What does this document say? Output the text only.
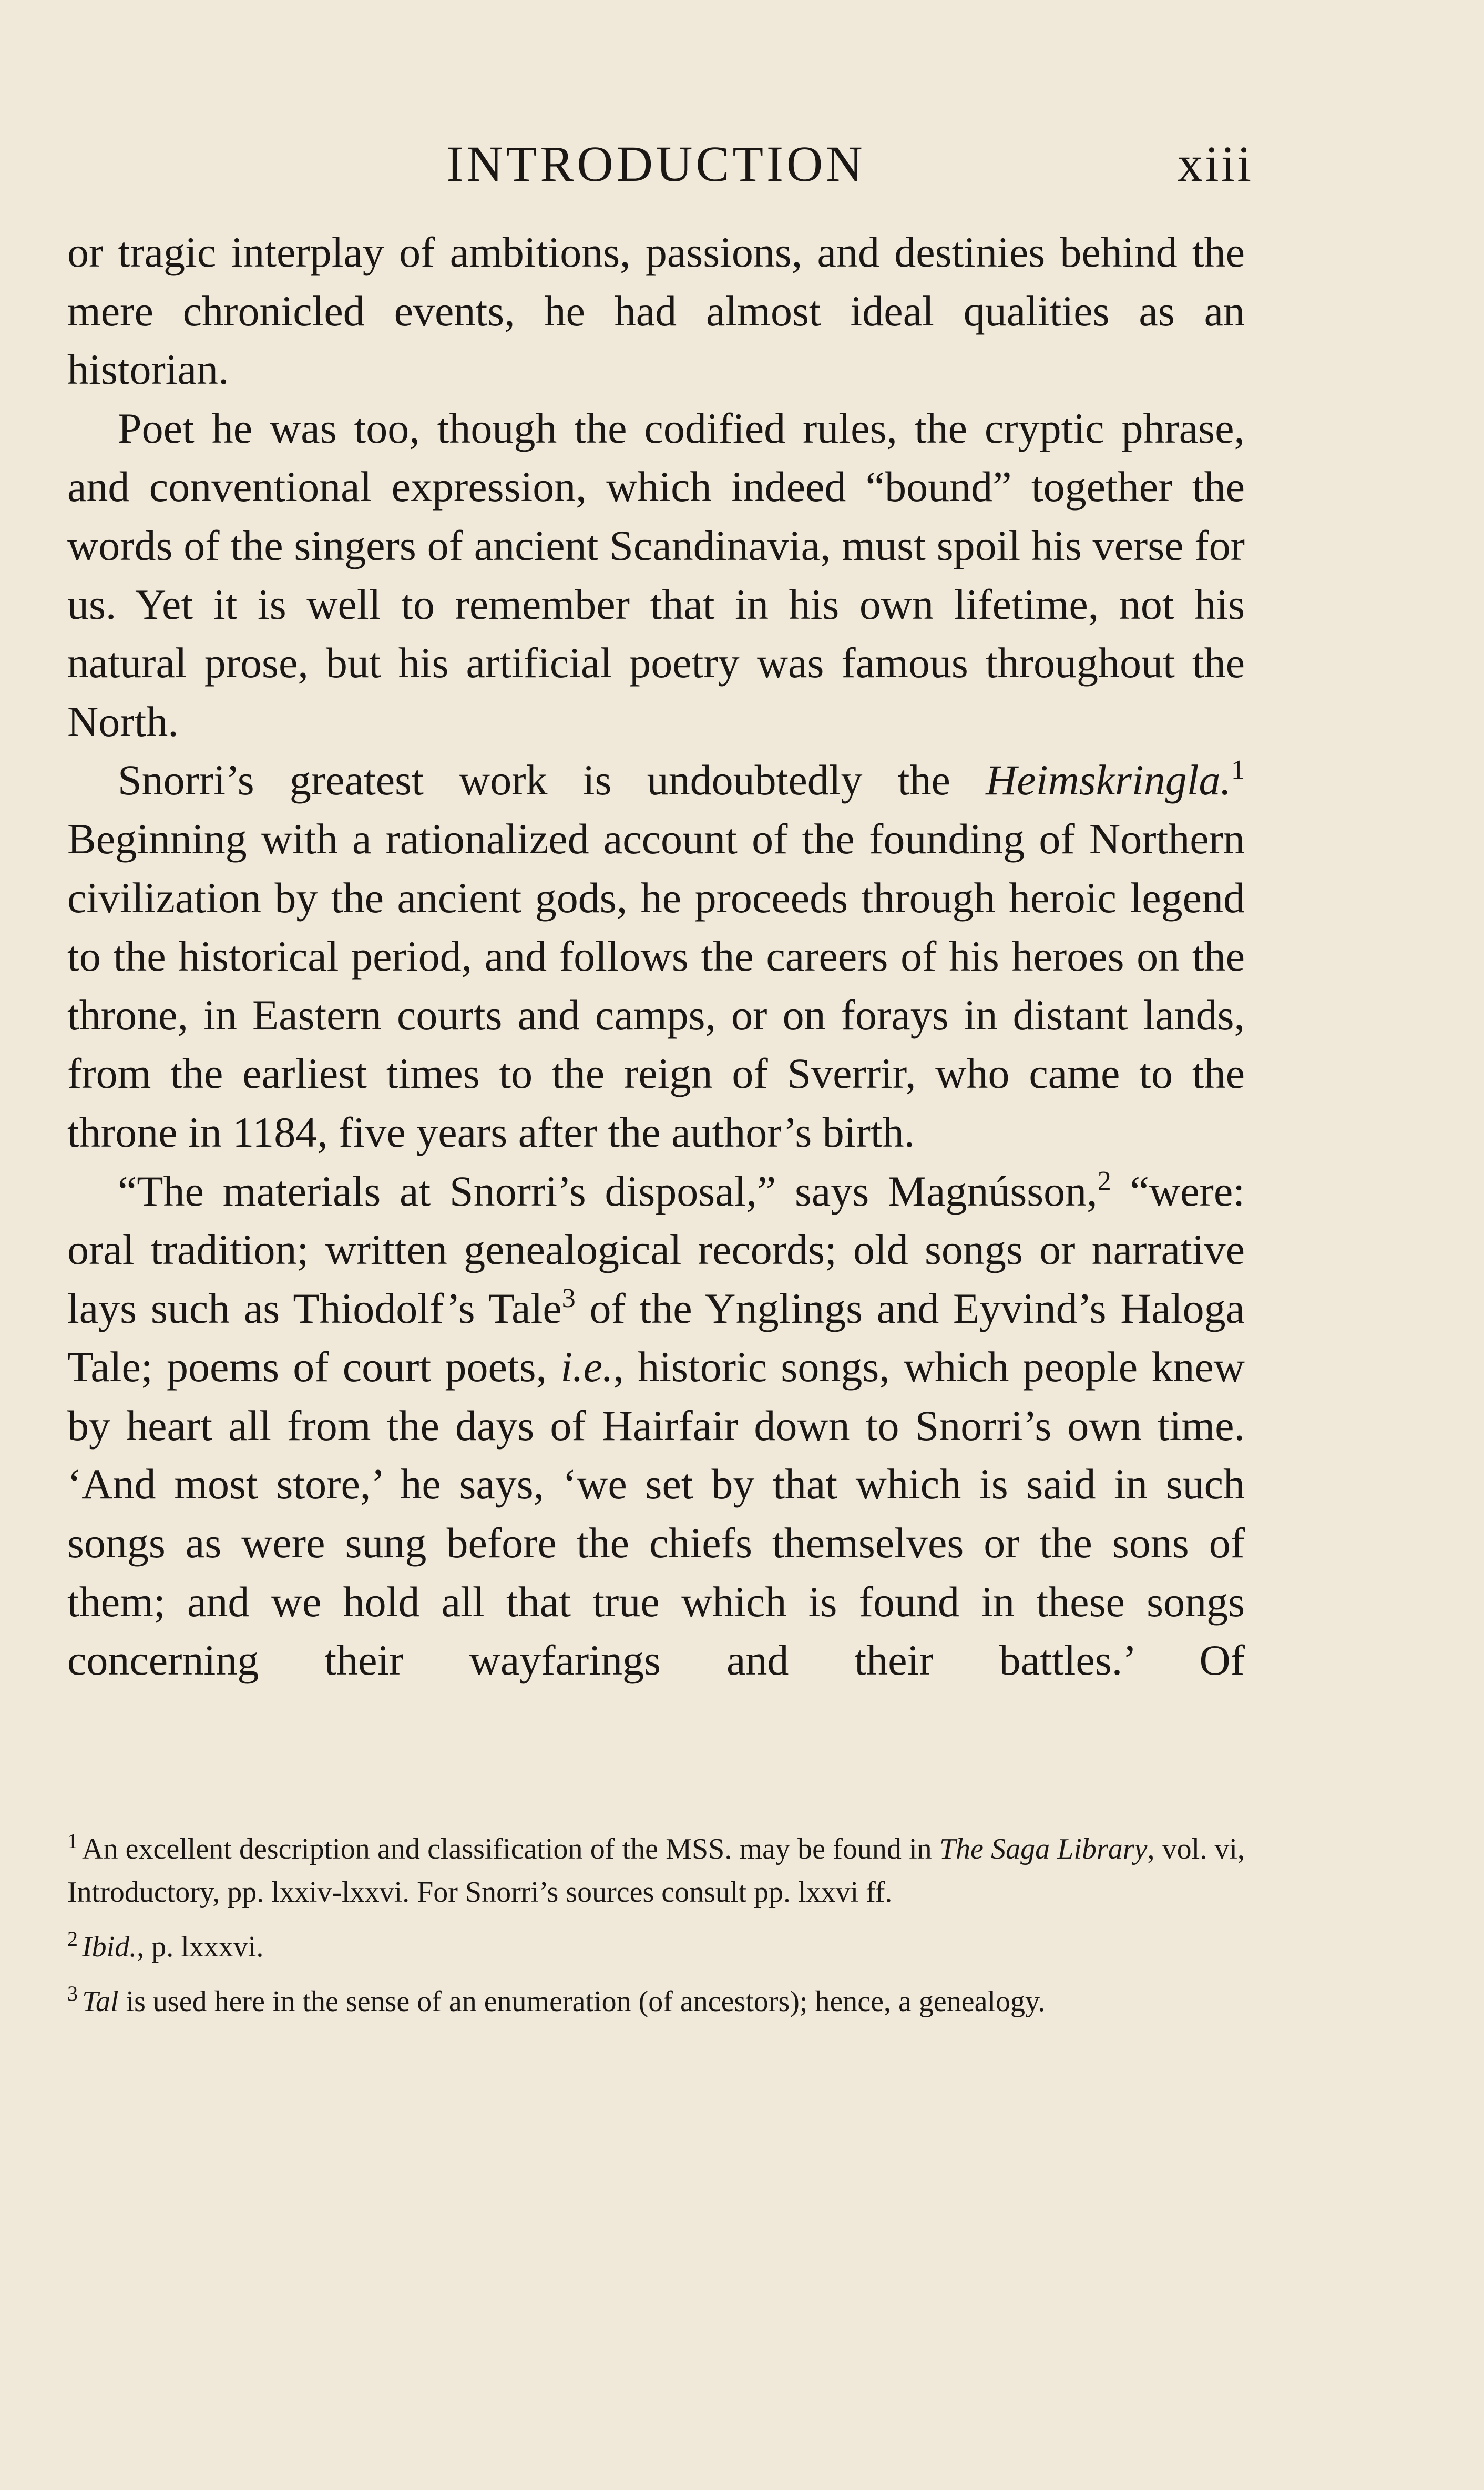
INTRODUCTION	xiii

or tragic interplay of ambitions, passions, and destinies behind the mere chronicled events, he had almost ideal qualities as an historian.

Poet he was too, though the codified rules, the cryptic phrase, and conventional expression, which indeed “bound” together the words of the singers of ancient Scandinavia, must spoil his verse for us. Yet it is well to remember that in his own lifetime, not his natural prose, but his artificial poetry was famous throughout the North.

Snorri’s greatest work is undoubtedly the Heimskringla.$^1$ Beginning with a rationalized account of the founding of Northern civilization by the ancient gods, he proceeds through heroic legend to the historical period, and follows the careers of his heroes on the throne, in Eastern courts and camps, or on forays in distant lands, from the earliest times to the reign of Sverrir, who came to the throne in 1184, five years after the author’s birth.

“The materials at Snorri’s disposal,” says Magnússon,$^2$ “were: oral tradition; written genealogical records; old songs or narrative lays such as Thiodolf’s Tale$^3$ of the Ynglings and Eyvind’s Haloga Tale; poems of court poets, i.e., historic songs, which people knew by heart all from the days of Hairfair down to Snorri’s own time. ‘And most store,’ he says, ‘we set by that which is said in such songs as were sung before the chiefs themselves or the sons of them; and we hold all that true which is found in these songs concerning their wayfarings and their battles.’ Of

$^1$ An excellent description and classification of the MSS. may be found in The Saga Library, vol. vi, Introductory, pp. lxxiv-lxxvi. For Snorri’s sources consult pp. lxxvi ff.

$^2$ Ibid., p. lxxxvi.

$^3$ Tal is used here in the sense of an enumeration (of ancestors); hence, a genealogy.
